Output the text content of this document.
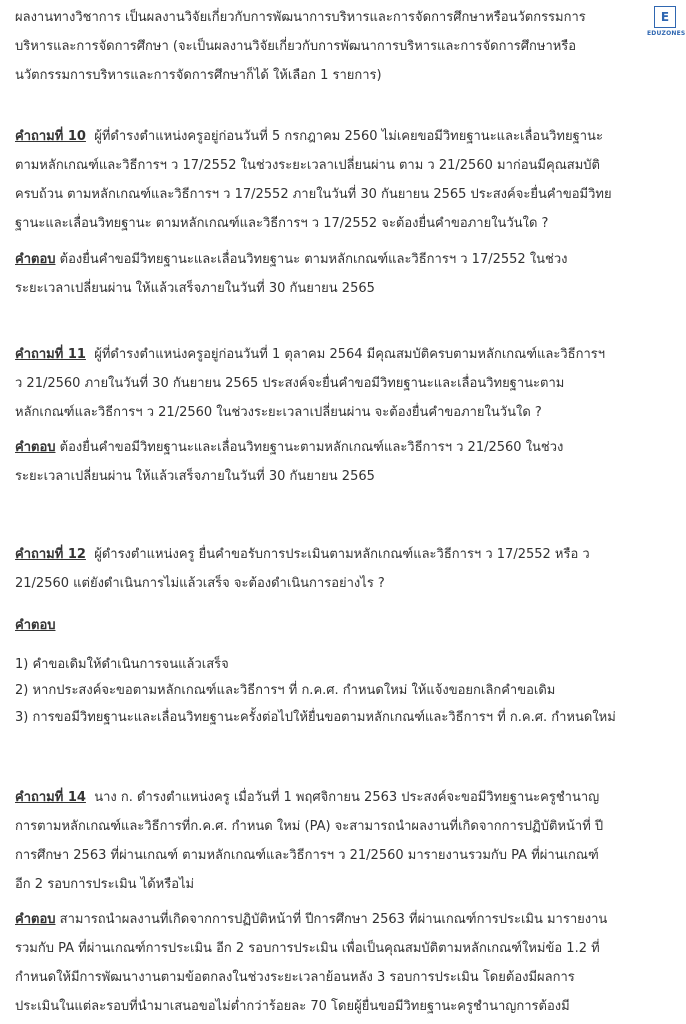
E
EDUZONES

ผลงานทางวิชาการ เป็นผลงานวิจัยเกี่ยวกับการพัฒนาการบริหารและการจัดการศึกษาหรือนวัตกรรมการ
บริหารและการจัดการศึกษา (จะเป็นผลงานวิจัยเกี่ยวกับการพัฒนาการบริหารและการจัดการศึกษาหรือ
นวัตกรรมการบริหารและการจัดการศึกษาก็ได้ ให้เลือก 1 รายการ)

คำถามที่ 10 ผู้ที่ดำรงตำแหน่งครูอยู่ก่อนวันที่ 5 กรกฎาคม 2560 ไม่เคยขอมีวิทยฐานะและเลื่อนวิทยฐานะ
ตามหลักเกณฑ์และวิธีการฯ ว 17/2552 ในช่วงระยะเวลาเปลี่ยนผ่าน ตาม ว 21/2560 มาก่อนมีคุณสมบัติ
ครบถ้วน ตามหลักเกณฑ์และวิธีการฯ ว 17/2552 ภายในวันที่ 30 กันยายน 2565 ประสงค์จะยื่นคำขอมีวิทย
ฐานะและเลื่อนวิทยฐานะ ตามหลักเกณฑ์และวิธีการฯ ว 17/2552 จะต้องยื่นคำขอภายในวันใด ?

คำตอบ ต้องยื่นคำขอมีวิทยฐานะและเลื่อนวิทยฐานะ ตามหลักเกณฑ์และวิธีการฯ ว 17/2552 ในช่วง
ระยะเวลาเปลี่ยนผ่าน ให้แล้วเสร็จภายในวันที่ 30 กันยายน 2565

คำถามที่ 11 ผู้ที่ดำรงตำแหน่งครูอยู่ก่อนวันที่ 1 ตุลาคม 2564 มีคุณสมบัติครบตามหลักเกณฑ์และวิธีการฯ
ว 21/2560 ภายในวันที่ 30 กันยายน 2565 ประสงค์จะยื่นคำขอมีวิทยฐานะและเลื่อนวิทยฐานะตาม
หลักเกณฑ์และวิธีการฯ ว 21/2560 ในช่วงระยะเวลาเปลี่ยนผ่าน จะต้องยื่นคำขอภายในวันใด ?

คำตอบ ต้องยื่นคำขอมีวิทยฐานะและเลื่อนวิทยฐานะตามหลักเกณฑ์และวิธีการฯ ว 21/2560 ในช่วง
ระยะเวลาเปลี่ยนผ่าน ให้แล้วเสร็จภายในวันที่ 30 กันยายน 2565

คำถามที่ 12 ผู้ดำรงตำแหน่งครู ยื่นคำขอรับการประเมินตามหลักเกณฑ์และวิธีการฯ ว 17/2552 หรือ ว
21/2560 แต่ยังดำเนินการไม่แล้วเสร็จ จะต้องดำเนินการอย่างไร ?

คำตอบ

1) คำขอเดิมให้ดำเนินการจนแล้วเสร็จ
2) หากประสงค์จะขอตามหลักเกณฑ์และวิธีการฯ ที่ ก.ค.ศ. กำหนดใหม่ ให้แจ้งขอยกเลิกคำขอเดิม
3) การขอมีวิทยฐานะและเลื่อนวิทยฐานะครั้งต่อไปให้ยื่นขอตามหลักเกณฑ์และวิธีการฯ ที่ ก.ค.ศ. กำหนดใหม่

คำถามที่ 14 นาง ก. ดำรงตำแหน่งครู เมื่อวันที่ 1 พฤศจิกายน 2563 ประสงค์จะขอมีวิทยฐานะครูชำนาญ
การตามหลักเกณฑ์และวิธีการที่ก.ค.ศ. กำหนด ใหม่ (PA) จะสามารถนำผลงานที่เกิดจากการปฏิบัติหน้าที่ ปี
การศึกษา 2563 ที่ผ่านเกณฑ์ ตามหลักเกณฑ์และวิธีการฯ ว 21/2560 มารายงานรวมกับ PA ที่ผ่านเกณฑ์
อีก 2 รอบการประเมิน ได้หรือไม่

คำตอบ สามารถนำผลงานที่เกิดจากการปฏิบัติหน้าที่ ปีการศึกษา 2563 ที่ผ่านเกณฑ์การประเมิน มารายงาน
รวมกับ PA ที่ผ่านเกณฑ์การประเมิน อีก 2 รอบการประเมิน เพื่อเป็นคุณสมบัติตามหลักเกณฑ์ใหม่ข้อ 1.2 ที่
กำหนดให้มีการพัฒนางานตามข้อตกลงในช่วงระยะเวลาย้อนหลัง 3 รอบการประเมิน โดยต้องมีผลการ
ประเมินในแต่ละรอบที่นำมาเสนอขอไม่ต่ำกว่าร้อยละ 70 โดยผู้ยื่นขอมีวิทยฐานะครูชำนาญการต้องมี
